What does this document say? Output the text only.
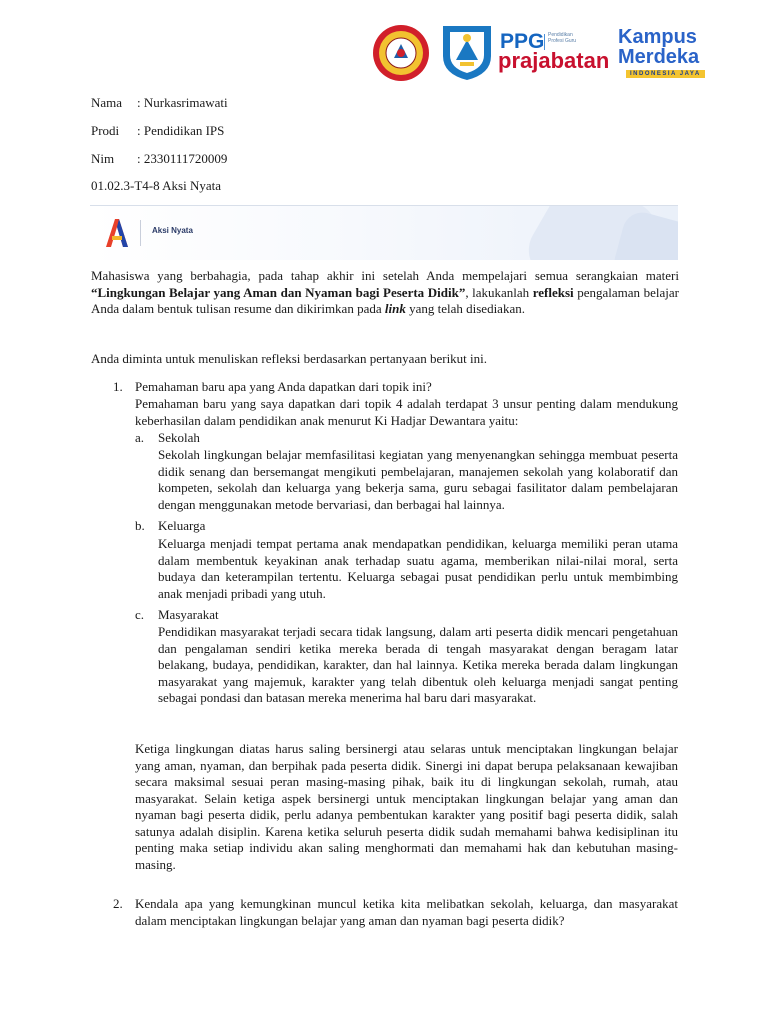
PPG Pendidikan Profesi Guru
prajabatan
Kampus
Merdeka
INDONESIA JAYA
Nama : Nurkasrimawati
Prodi : Pendidikan IPS
Nim : 2330111720009
01.02.3-T4-8 Aksi Nyata
Aksi Nyata
Mahasiswa yang berbahagia, pada tahap akhir ini setelah Anda mempelajari semua serangkaian materi “Lingkungan Belajar yang Aman dan Nyaman bagi Peserta Didik”, lakukanlah refleksi pengalaman belajar Anda dalam bentuk tulisan resume dan dikirimkan pada link yang telah disediakan.
Anda diminta untuk menuliskan refleksi berdasarkan pertanyaan berikut ini.
1. Pemahaman baru apa yang Anda dapatkan dari topik ini?
Pemahaman baru yang saya dapatkan dari topik 4 adalah terdapat 3 unsur penting dalam mendukung keberhasilan dalam pendidikan anak menurut Ki Hadjar Dewantara yaitu:
a. Sekolah
Sekolah lingkungan belajar memfasilitasi kegiatan yang menyenangkan sehingga membuat peserta didik senang dan bersemangat mengikuti pembelajaran, manajemen sekolah yang kolaboratif dan kompeten, sekolah dan keluarga yang bekerja sama, guru sebagai fasilitator dalam pembelajaran dengan menggunakan metode bervariasi, dan berbagai hal lainnya.
b. Keluarga
Keluarga menjadi tempat pertama anak mendapatkan pendidikan, keluarga memiliki peran utama dalam membentuk keyakinan anak terhadap suatu agama, memberikan nilai-nilai moral, serta budaya dan keterampilan tertentu. Keluarga sebagai pusat pendidikan perlu untuk membimbing anak menjadi pribadi yang utuh.
c. Masyarakat
Pendidikan masyarakat terjadi secara tidak langsung, dalam arti peserta didik mencari pengetahuan dan pengalaman sendiri ketika mereka berada di tengah masyarakat dengan beragam latar belakang, budaya, pendidikan, karakter, dan hal lainnya. Ketika mereka berada dalam lingkungan masyarakat yang majemuk, karakter yang telah dibentuk oleh keluarga menjadi sangat penting sebagai pondasi dan batasan mereka menerima hal baru dari masyarakat.
Ketiga lingkungan diatas harus saling bersinergi atau selaras untuk menciptakan lingkungan belajar yang aman, nyaman, dan berpihak pada peserta didik. Sinergi ini dapat berupa pelaksanaan kewajiban secara maksimal sesuai peran masing-masing pihak, baik itu di lingkungan sekolah, rumah, atau masyarakat. Selain ketiga aspek bersinergi untuk menciptakan lingkungan belajar yang aman dan nyaman bagi peserta didik, perlu adanya pembentukan karakter yang positif bagi peserta didik, salah satunya adalah disiplin. Karena ketika seluruh peserta didik sudah memahami bahwa kedisiplinan itu penting maka setiap individu akan saling menghormati dan memahami hak dan kebutuhan masing-masing.
2. Kendala apa yang kemungkinan muncul ketika kita melibatkan sekolah, keluarga, dan masyarakat dalam menciptakan lingkungan belajar yang aman dan nyaman bagi peserta didik?
